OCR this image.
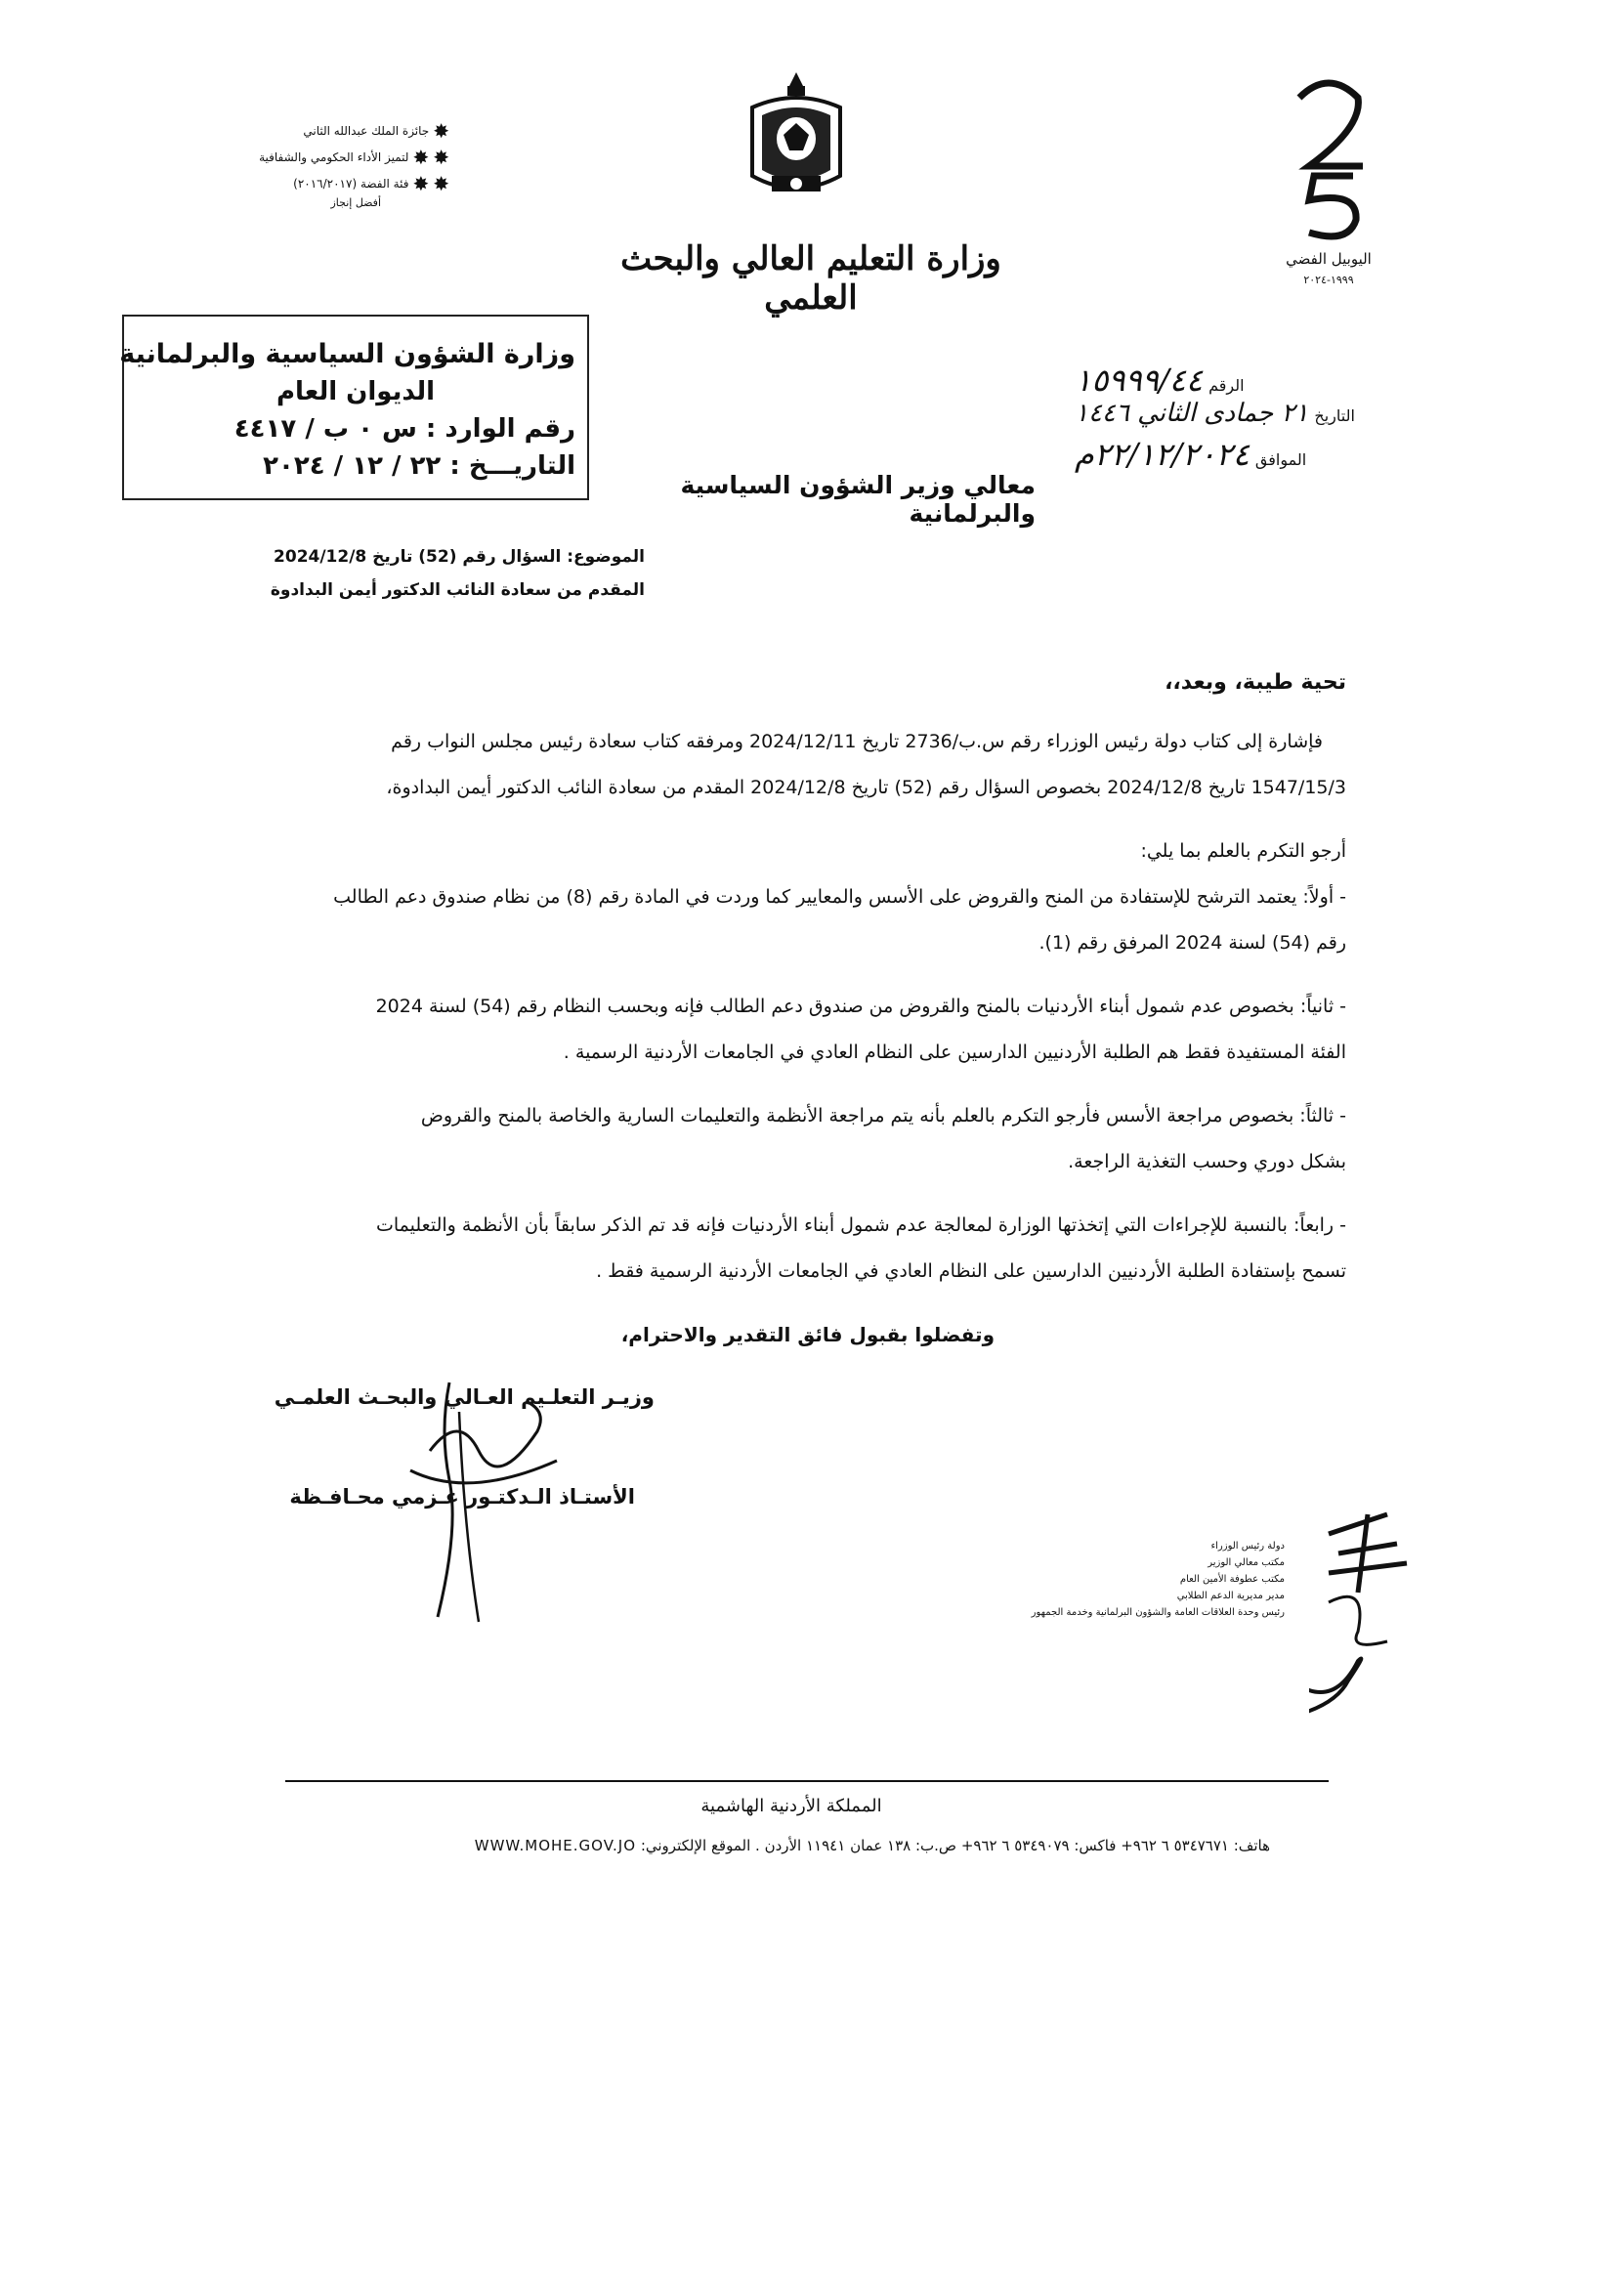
وزارة التعليم العالي والبحث العلمي
اليوبيل الفضي
١٩٩٩-٢٠٢٤
جائزة الملك عبدالله الثاني ✸
لتميز الأداء الحكومي والشفافية ✸ ✸
فئة الفضة (٢٠١٦/٢٠١٧) ✸ ✸
أفضل إنجاز
الرقم
١٥٩٩٩/٤٤
التاريخ
٢١ جمادى الثاني ١٤٤٦
الموافق
٢٢/١٢/٢٠٢٤م
وزارة الشؤون السياسية والبرلمانية
الديوان العام
رقم الوارد : س ٠ ب / ٤٤١٧
التاريـــخ : ٢٢ / ١٢ / ٢٠٢٤
معالي وزير الشؤون السياسية والبرلمانية
الموضوع: السؤال رقم (52) تاريخ 2024/12/8
المقدم من سعادة النائب الدكتور أيمن البدادوة

تحية طيبة، وبعد،،

فإشارة إلى كتاب دولة رئيس الوزراء رقم س.ب/2736 تاريخ 2024/12/11 ومرفقه كتاب سعادة رئيس مجلس النواب رقم

1547/15/3 تاريخ 2024/12/8 بخصوص السؤال رقم (52) تاريخ 2024/12/8 المقدم من سعادة النائب الدكتور أيمن البدادوة،

أرجو التكرم بالعلم بما يلي:

- أولاً: يعتمد الترشح للإستفادة من المنح والقروض على الأسس والمعايير كما وردت في المادة رقم (8) من نظام صندوق دعم الطالب

رقم (54) لسنة 2024 المرفق رقم (1).

- ثانياً: بخصوص عدم شمول أبناء الأردنيات بالمنح والقروض من صندوق دعم الطالب فإنه وبحسب النظام رقم (54) لسنة 2024

الفئة المستفيدة فقط هم الطلبة الأردنيين الدارسين على النظام العادي في الجامعات الأردنية الرسمية .

- ثالثاً: بخصوص مراجعة الأسس فأرجو التكرم بالعلم بأنه يتم مراجعة الأنظمة والتعليمات السارية والخاصة بالمنح والقروض

بشكل دوري وحسب التغذية الراجعة.

- رابعاً: بالنسبة للإجراءات التي إتخذتها الوزارة لمعالجة عدم شمول أبناء الأردنيات فإنه قد تم الذكر سابقاً بأن الأنظمة والتعليمات

تسمح بإستفادة الطلبة الأردنيين الدارسين على النظام العادي في الجامعات الأردنية الرسمية فقط .

وتفضلوا بقبول فائق التقدير والاحترام،

وزيـر التعلـيم العـالي والبحـث العلمـي
الأستـاذ الـدكتـور عـزمي محـافـظة
دولة رئيس الوزراء
مكتب معالي الوزير
مكتب عطوفة الأمين العام
مدير مديرية الدعم الطلابي
رئيس وحدة العلاقات العامة والشؤون البرلمانية وخدمة الجمهور
المملكة الأردنية الهاشمية
هاتف: ٥٣٤٧٦٧١ ٦ ٩٦٢+ فاكس: ٥٣٤٩٠٧٩ ٦ ٩٦٢+ ص.ب: ١٣٨ عمان ١١٩٤١ الأردن . الموقع الإلكتروني: WWW.MOHE.GOV.JO
